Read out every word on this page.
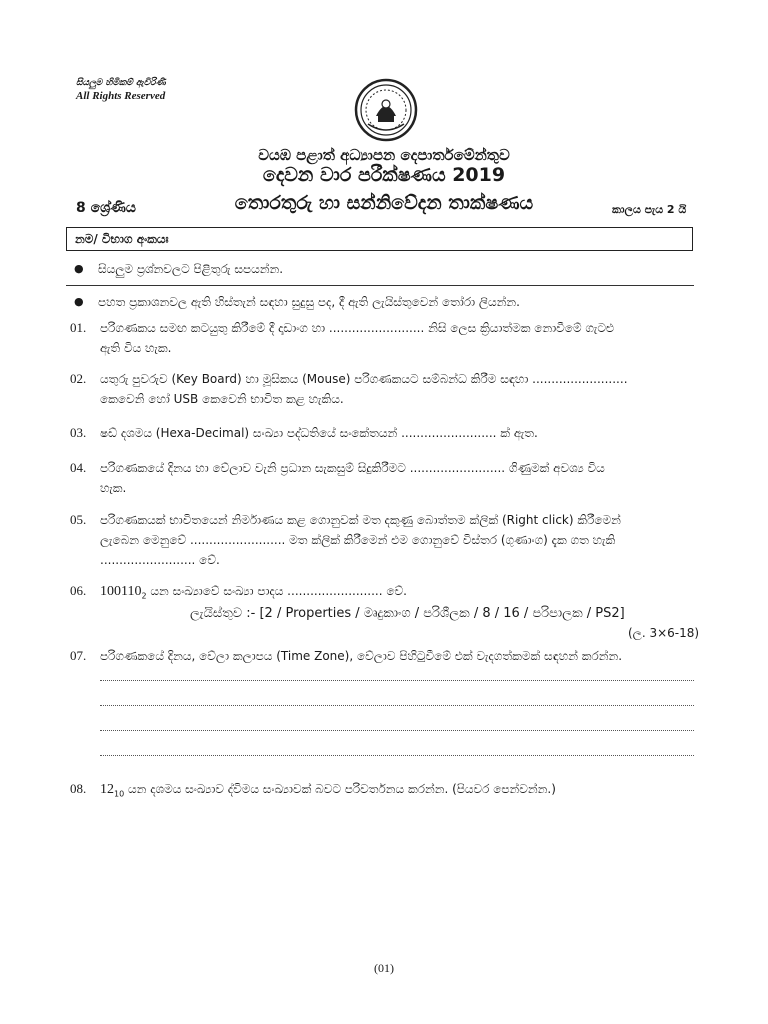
සියලුම හිමිකම් ඇවිරිණි
All Rights Reserved
වයඹ පළාත් අධ්‍යාපන දෙපාර්තමේන්තුව
දෙවන වාර පරීක්ෂණය 2019
8 ශ්‍රේණිය	තොරතුරු හා සන්නිවේදන තාක්ෂණය	කාලය පැය 2 යි
නම/ විභාග අංකයඃ
● සියලුම ප්‍රශ්නවලට පිළිතුරු සපයන්න.
● පහත ප්‍රකාශනවල ඇති හිස්තැන් සඳහා සුදුසු පද, දී ඇති ලැයිස්තුවෙන් තෝරා ලියන්න.
01. පරිගණකය සමඟ කටයුතු කිරීමේ දී දෘඩාංග හා ......................... නිසි ලෙස ක්‍රියාත්මක නොවීමේ ගැටළු
ඇති විය හැක.
02. යතුරු පුවරුව (Key Board) හා මූසිකය (Mouse) පරිගණකයට සම්බන්ධ කිරීම සඳහා .........................
කෙවෙනි හෝ USB කෙවෙනි භාවිත කළ හැකිය.
03. ෂඩ් දශමය (Hexa-Decimal) සංඛ්‍යා පද්ධතියේ සංකේතයන් ......................... ක් ඇත.
04. පරිගණකයේ දිනය හා වේලාව වැනි ප්‍රධාන සැකසුම් සිදුකිරීමට ......................... ගිණුමක් අවශ්‍ය විය
හැක.
05. පරිගණකයක් භාවිතයෙන් නිර්මාණය කළ ගොනුවක් මත දකුණු බොත්තම ක්ලික් (Right click) කිරීමෙන්
ලැබෙන මෙනුවේ ......................... මත ක්ලික් කිරීමෙන් එම ගොනුවේ විස්තර (ගුණාංග) දැක ගත හැකි
......................... වේ.
06. $100110_2$ යන සංඛ්‍යාවේ සංඛ්‍යා පාදය ......................... වේ.
ලැයිස්තුව :- [2 / Properties / මෘදුකාංග / පරිශීලක / 8 / 16 / පරිපාලක / PS2]
(ල. 3×6-18)
07. පරිගණකයේ දිනය, වේලා කලාපය (Time Zone), වේලාව පිහිටුවීමේ එක් වැදගත්කමක් සඳහන් කරන්න.
08. $12_{10}$ යන දශමය සංඛ්‍යාව ද්විමය සංඛ්‍යාවක් බවට පරිවර්තනය කරන්න. (පියවර පෙන්වන්න.)
(01)
